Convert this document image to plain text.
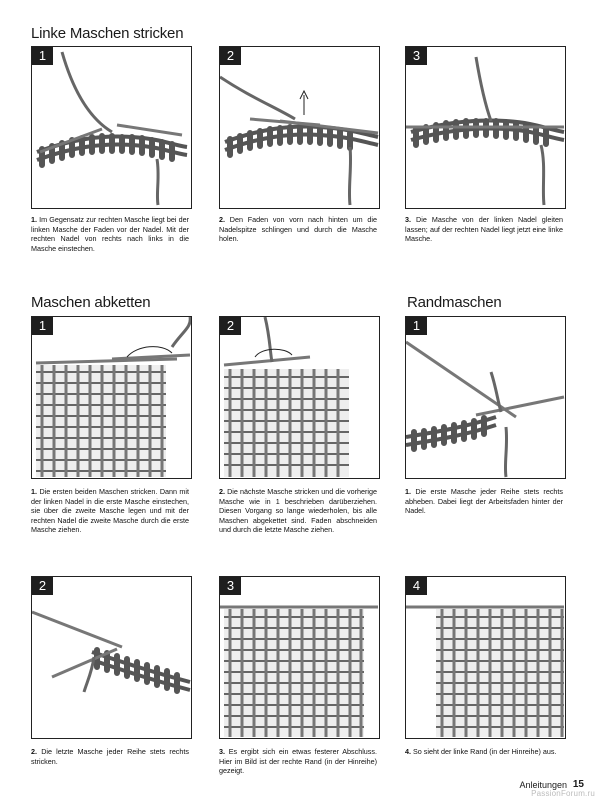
Linke Maschen stricken
Maschen abketten	Randmaschen
1	2	3
1. Im Gegensatz zur rechten Masche liegt bei der linken Masche der Faden vor der Nadel. Mit der rechten Nadel von rechts nach links in die Masche einstechen.
2. Den Faden von vorn nach hinten um die Nadelspitze schlingen und durch die Masche holen.
3. Die Masche von der linken Nadel gleiten lassen; auf der rechten Nadel liegt jetzt eine linke Masche.
1	2	1
1. Die ersten beiden Maschen stricken. Dann mit der linken Nadel in die erste Masche einstechen, sie über die zweite Masche legen und mit der rechten Nadel die zweite Masche durch die erste Masche ziehen.
2. Die nächste Masche stricken und die vorherige Masche wie in 1 beschrieben darüberziehen. Diesen Vorgang so lange wiederholen, bis alle Maschen abgekettet sind. Faden abschneiden und durch die letzte Masche ziehen.
1. Die erste Masche jeder Reihe stets rechts abheben. Dabei liegt der Arbeitsfaden hinter der Nadel.
2	3	4
2. Die letzte Masche jeder Reihe stets rechts stricken.
3. Es ergibt sich ein etwas festerer Abschluss. Hier im Bild ist der rechte Rand (in der Hinreihe) gezeigt.
4. So sieht der linke Rand (in der Hinreihe) aus.
Anleitungen 15
PassionForum.ru
